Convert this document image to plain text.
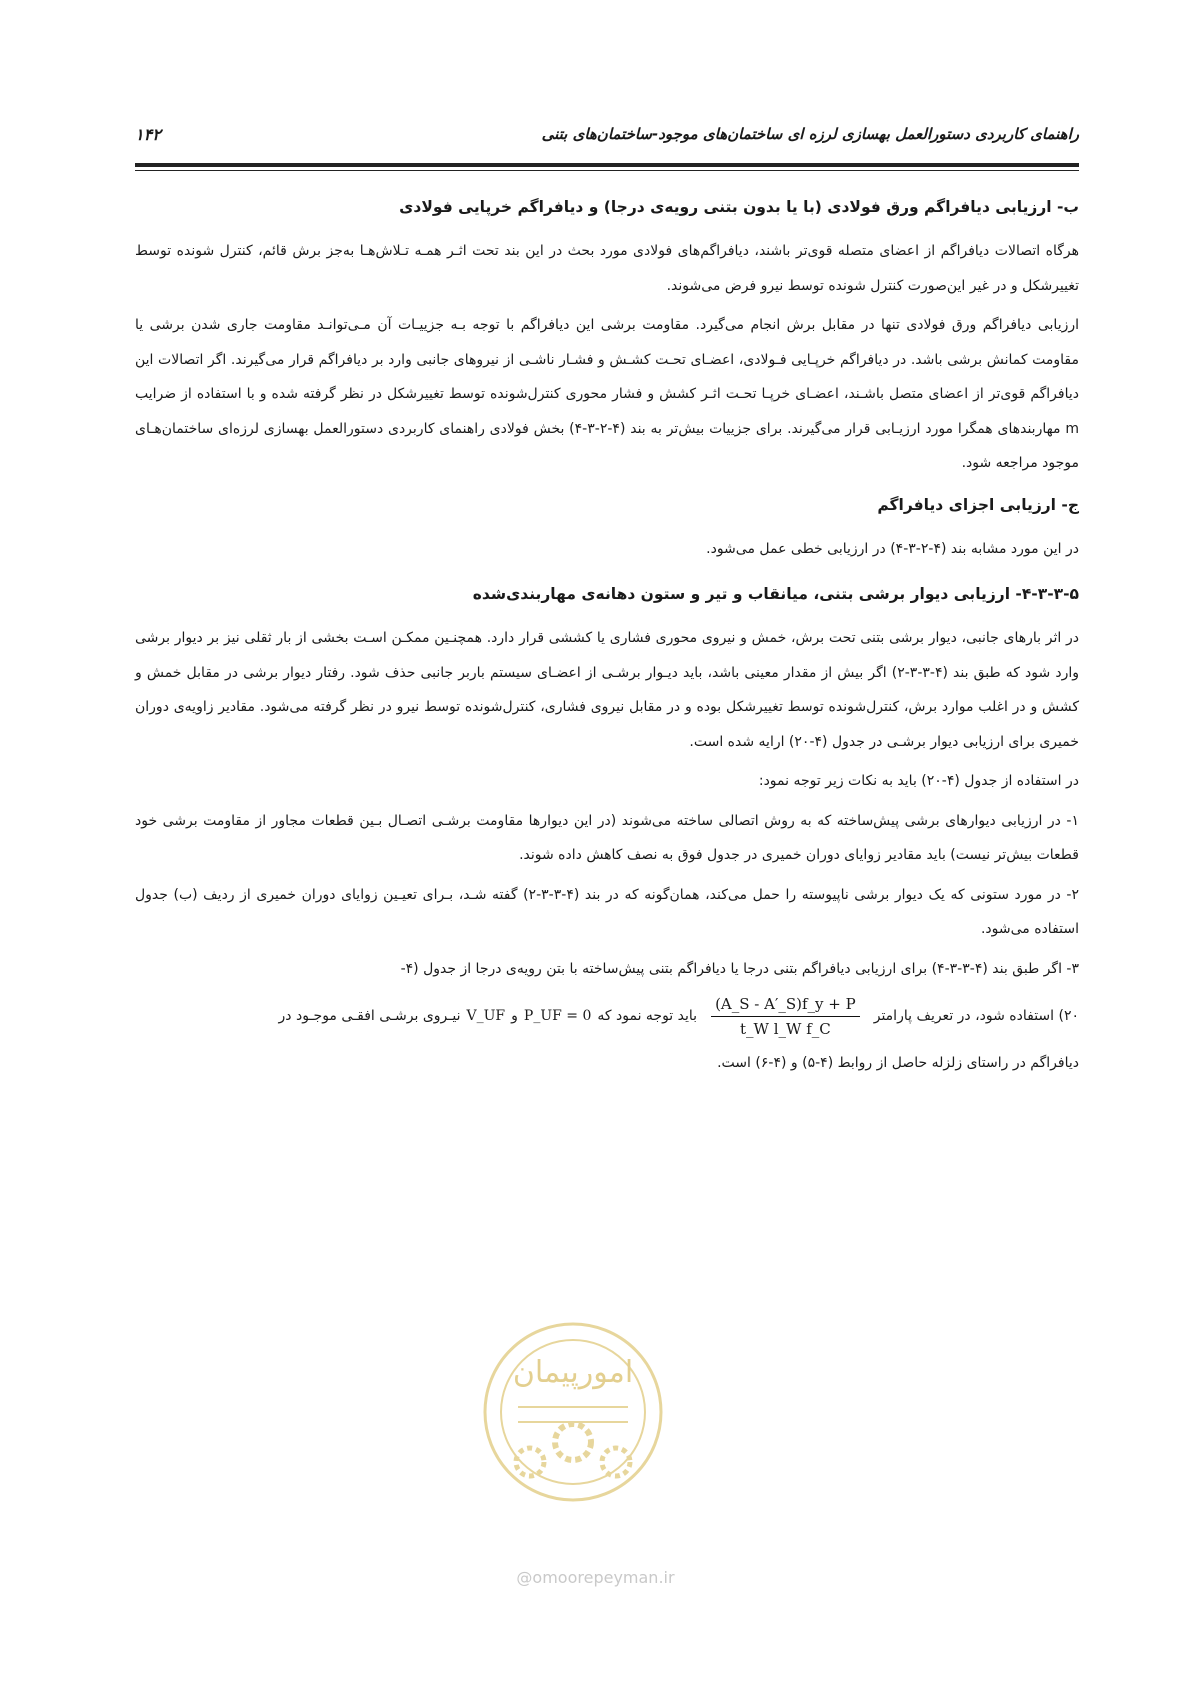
راهنمای کاربردی دستورالعمل بهسازی لرزه ای ساختمان‌های موجود-ساختمان‌های بتنی
۱۴۲
ب- ارزیابی دیافراگم ورق فولادی (با یا بدون بتنی رویه‌ی درجا) و دیافراگم خرپایی فولادی

هرگاه اتصالات دیافراگم از اعضای متصله قوی‌تر باشند، دیافراگم‌های فولادی مورد بحث در این بند تحت اثـر همـه تـلاش‌هـا به‌جز برش قائم، کنترل شونده توسط تغییرشکل و در غیر این‌صورت کنترل شونده توسط نیرو فرض می‌شوند.

ارزیابی دیافراگم ورق فولادی تنها در مقابل برش انجام می‌گیرد. مقاومت برشی این دیافراگم با توجه بـه جزییـات آن مـی‌توانـد مقاومت جاری شدن برشی یا مقاومت کمانش برشی باشد. در دیافراگم خرپـایی فـولادی، اعضـای تحـت کشـش و فشـار ناشـی از نیروهای جانبی وارد بر دیافراگم قرار می‌گیرند. اگر اتصالات این دیافراگم قوی‌تر از اعضای متصل باشـند، اعضـای خرپـا تحـت اثـر کشش و فشار محوری کنترل‌شونده توسط تغییرشکل در نظر گرفته شده و با استفاده از ضرایب m مهاربندهای همگرا مورد ارزیـابی قرار می‌گیرند. برای جزییات بیش‌تر به بند (۴-۲-۳-۴) بخش فولادی راهنمای کاربردی دستورالعمل بهسازی لرزه‌ای ساختمان‌هـای موجود مراجعه شود.

ج- ارزیابی اجزای دیافراگم

در این مورد مشابه بند (۴-۲-۳-۴) در ارزیابی خطی عمل می‌شود.

۴-۳-۳-۵- ارزیابی دیوار برشی بتنی، میانقاب و تیر و ستون دهانه‌ی مهاربندی‌شده

در اثر بارهای جانبی، دیوار برشی بتنی تحت برش، خمش و نیروی محوری فشاری یا کششی قرار دارد. همچنـین ممکـن اسـت بخشی از بار ثقلی نیز بر دیوار برشی وارد شود که طبق بند (۴-۳-۳-۲) اگر بیش از مقدار معینی باشد، باید دیـوار برشـی از اعضـای سیستم باربر جانبی حذف شود. رفتار دیوار برشی در مقابل خمش و کشش و در اغلب موارد برش، کنترل‌شونده توسط تغییرشکل بوده و در مقابل نیروی فشاری، کنترل‌شونده توسط نیرو در نظر گرفته می‌شود. مقادیر زاویه‌ی دوران خمیری برای ارزیابی دیوار برشـی در جدول (۴-۲۰) ارایه شده است.

در استفاده از جدول (۴-۲۰) باید به نکات زیر توجه نمود:

۱- در ارزیابی دیوارهای برشی پیش‌ساخته که به روش اتصالی ساخته می‌شوند (در این دیوارها مقاومت برشـی اتصـال بـین قطعات مجاور از مقاومت برشی خود قطعات بیش‌تر نیست) باید مقادیر زوایای دوران خمیری در جدول فوق به نصف کاهش داده شوند.

۲- در مورد ستونی که یک دیوار برشی ناپیوسته را حمل می‌کند، همان‌گونه که در بند (۴-۳-۳-۲) گفته شـد، بـرای تعیـین زوایای دوران خمیری از ردیف (ب) جدول استفاده می‌شود.

۳- اگر طبق بند (۴-۳-۳-۴) برای ارزیابی دیافراگم بتنی درجا یا دیافراگم بتنی پیش‌ساخته با بتن رویه‌ی درجا از جدول (۴-

۲۰) استفاده شود، در تعریف پارامتر
$\frac{(A\_S - A'\_S)f\_y + P}{\text{t\_W l\_W f\_C}}$
باید توجه نمود که
P_UF = 0
و
V_UF
نیـروی برشـی افقـی موجـود در

دیافراگم در راستای زلزله حاصل از روابط (۴-۵) و (۴-۶) است.

امورپیمان
@omoorepeyman.ir
